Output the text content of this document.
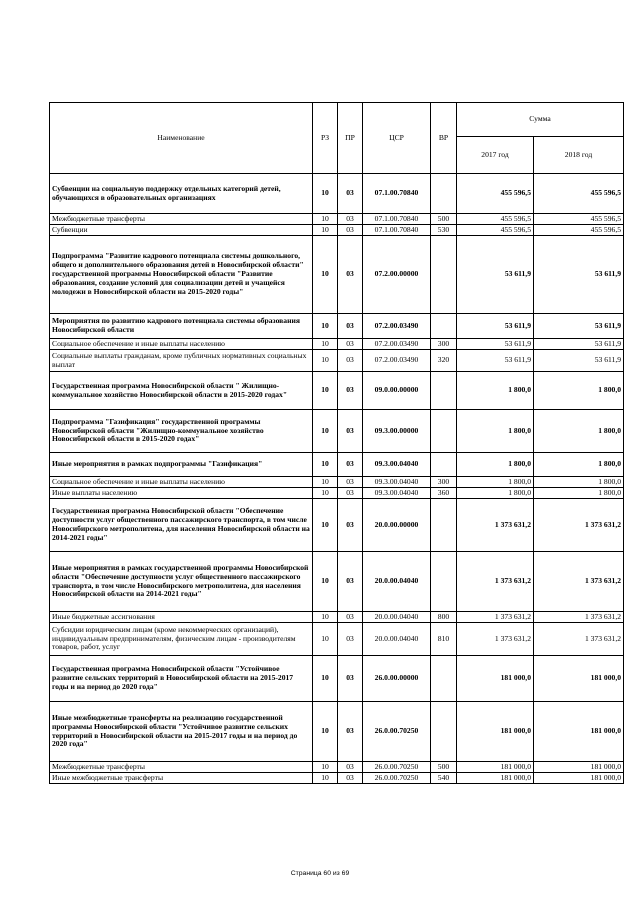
Наименование	РЗ	ПР	ЦСР	ВР	Сумма	
					2017 год	2018 год
Субвенции на социальную поддержку отдельных категорий детей, обучающихся в образовательных организациях	10	03	07.1.00.70840		455 596,5	455 596,5
Межбюджетные трансферты	10	03	07.1.00.70840	500	455 596,5	455 596,5
Субвенции	10	03	07.1.00.70840	530	455 596,5	455 596,5
Подпрограмма "Развитие кадрового потенциала системы дошкольного, общего и дополнительного образования детей в Новосибирской области" государственной программы Новосибирской области "Развитие образования, создание условий для социализации детей и учащейся молодежи в Новосибирской области на 2015-2020 годы"	10	03	07.2.00.00000		53 611,9	53 611,9
Мероприятия по развитию кадрового потенциала системы образования Новосибирской области	10	03	07.2.00.03490		53 611,9	53 611,9
Социальное обеспечение и иные выплаты населению	10	03	07.2.00.03490	300	53 611,9	53 611,9
Социальные выплаты гражданам, кроме публичных нормативных социальных выплат	10	03	07.2.00.03490	320	53 611,9	53 611,9
Государственная программа Новосибирской области " Жилищно-коммунальное хозяйство Новосибирской области в 2015-2020 годах"	10	03	09.0.00.00000		1 800,0	1 800,0
Подпрограмма "Газификация" государственной программы Новосибирской области "Жилищно-коммунальное хозяйство Новосибирской области в 2015-2020 годах"	10	03	09.3.00.00000		1 800,0	1 800,0
Иные мероприятия в рамках подпрограммы "Газификация"	10	03	09.3.00.04040		1 800,0	1 800,0
Социальное обеспечение и иные выплаты населению	10	03	09.3.00.04040	300	1 800,0	1 800,0
Иные выплаты населению	10	03	09.3.00.04040	360	1 800,0	1 800,0
Государственная программа Новосибирской области "Обеспечение доступности услуг общественного пассажирского транспорта, в том числе Новосибирского метрополитена, для населения Новосибирской области на 2014-2021 годы"	10	03	20.0.00.00000		1 373 631,2	1 373 631,2
Иные мероприятия в рамках государственной программы Новосибирской области "Обеспечение доступности услуг общественного пассажирского транспорта, в том числе Новосибирского метрополитена, для населения Новосибирской области на 2014-2021 годы"	10	03	20.0.00.04040		1 373 631,2	1 373 631,2
Иные бюджетные ассигнования	10	03	20.0.00.04040	800	1 373 631,2	1 373 631,2
Субсидии юридическим лицам (кроме некоммерческих организаций), индивидуальным предпринимателям, физическим лицам - производителям товаров, работ, услуг	10	03	20.0.00.04040	810	1 373 631,2	1 373 631,2
Государственная программа Новосибирской области "Устойчивое развитие сельских территорий в Новосибирской области на 2015-2017 годы и на период до 2020 года"	10	03	26.0.00.00000		181 000,0	181 000,0
Иные межбюджетные трансферты на реализацию государственной программы Новосибирской области "Устойчивое развитие сельских территорий в Новосибирской области на 2015-2017 годы и на период до 2020 года"	10	03	26.0.00.70250		181 000,0	181 000,0
Межбюджетные трансферты	10	03	26.0.00.70250	500	181 000,0	181 000,0
Иные межбюджетные трансферты	10	03	26.0.00.70250	540	181 000,0	181 000,0
Страница 60 из 69
